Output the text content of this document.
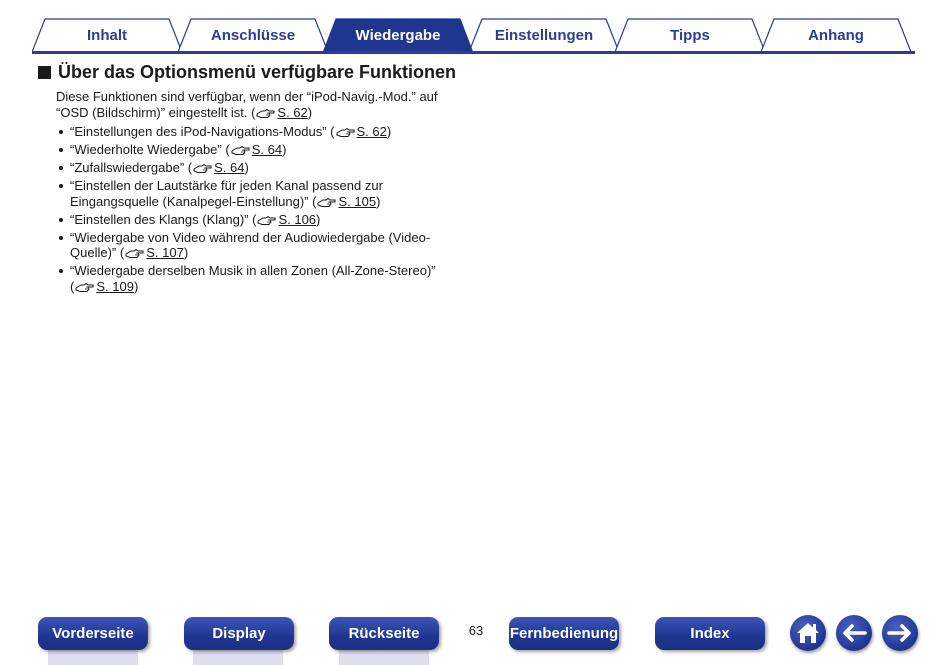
Inhalt	Anschlüsse	Wiedergabe	Einstellungen	Tipps	Anhang
Über das Optionsmenü verfügbare Funktionen

Diese Funktionen sind verfügbar, wenn der “iPod-Navig.-Mod.” auf “OSD (Bildschirm)” eingestellt ist. ( S. 62)

“Einstellungen des iPod-Navigations-Modus” ( S. 62)
“Wiederholte Wiedergabe” ( S. 64)
“Zufallswiedergabe” ( S. 64)
“Einstellen der Lautstärke für jeden Kanal passend zur Eingangsquelle (Kanalpegel-Einstellung)” ( S. 105)
“Einstellen des Klangs (Klang)” ( S. 106)
“Wiedergabe von Video während der Audiowiedergabe (Video-Quelle)” ( S. 107)
“Wiedergabe derselben Musik in allen Zonen (All-Zone-Stereo)” ( S. 109)
Vorderseite	Display	Rückseite	63	Fernbedienung	Index
